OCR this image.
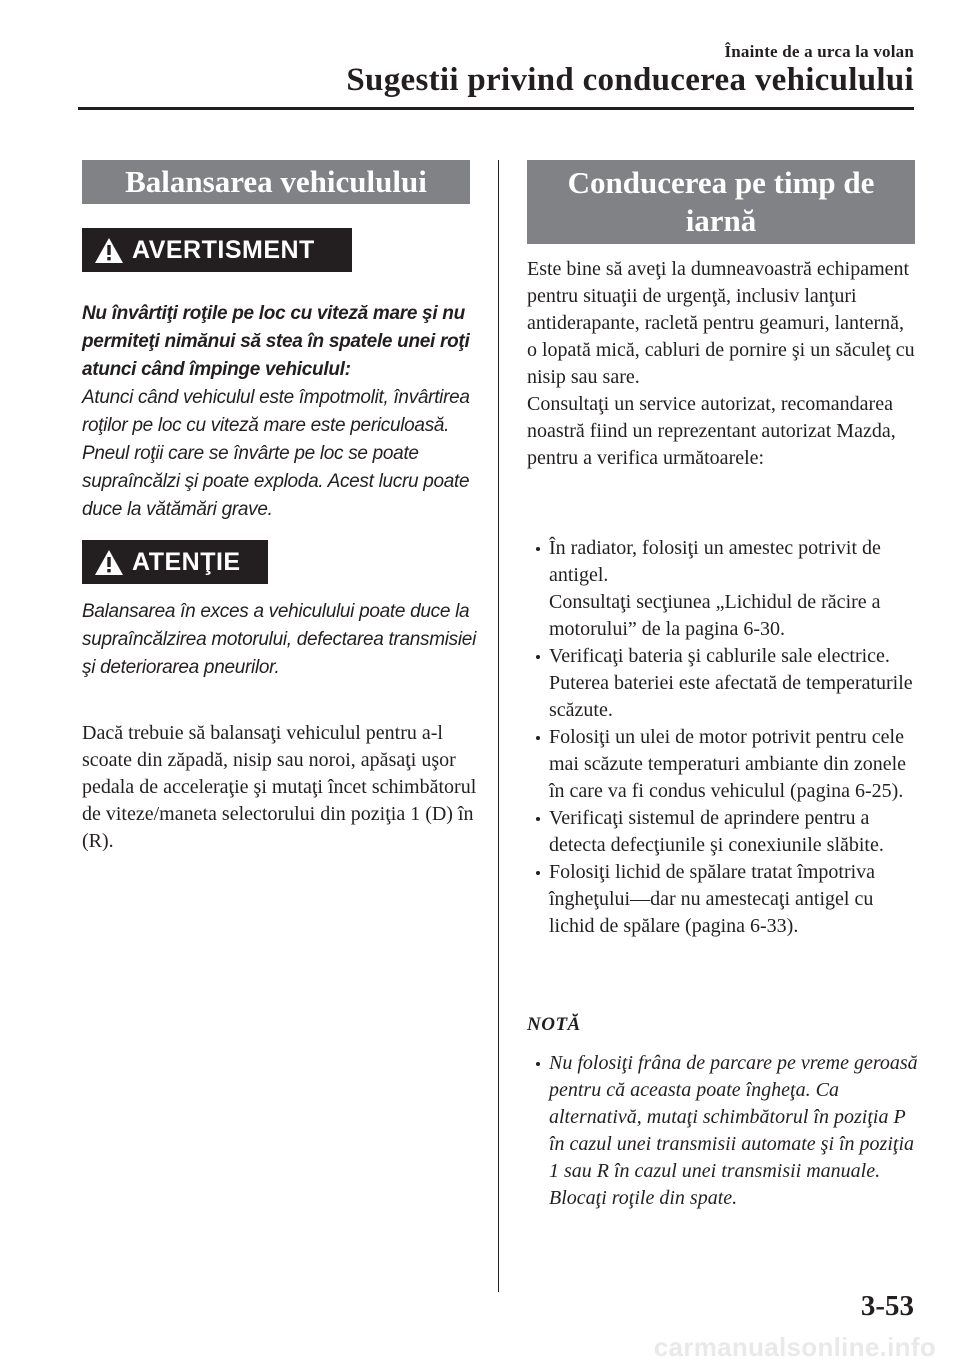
Înainte de a urca la volan
Sugestii privind conducerea vehiculului
Balansarea vehiculului
AVERTISMENT
Nu învârtiţi roţile pe loc cu viteză mare şi nu permiteţi nimănui să stea în spatele unei roţi atunci când împinge vehiculul:
Atunci când vehiculul este împotmolit, învârtirea roţilor pe loc cu viteză mare este periculoasă. Pneul roţii care se învârte pe loc se poate supraîncălzi şi poate exploda. Acest lucru poate duce la vătămări grave.
ATENŢIE
Balansarea în exces a vehiculului poate duce la supraîncălzirea motorului, defectarea transmisiei şi deteriorarea pneurilor.
Dacă trebuie să balansaţi vehiculul pentru a-l scoate din zăpadă, nisip sau noroi, apăsaţi uşor pedala de acceleraţie şi mutaţi încet schimbătorul de viteze/maneta selectorului din poziţia 1 (D) în (R).
Conducerea pe timp de
iarnă
Este bine să aveţi la dumneavoastră echipament pentru situaţii de urgenţă, inclusiv lanţuri antiderapante, racletă pentru geamuri, lanternă, o lopată mică, cabluri de pornire şi un săculeţ cu nisip sau sare.
Consultaţi un service autorizat, recomandarea noastră fiind un reprezentant autorizat Mazda, pentru a verifica următoarele:
În radiator, folosiţi un amestec potrivit de antigel.
Consultaţi secţiunea „Lichidul de răcire a motorului” de la pagina 6-30.
Verificaţi bateria şi cablurile sale electrice. Puterea bateriei este afectată de temperaturile scăzute.
Folosiţi un ulei de motor potrivit pentru cele mai scăzute temperaturi ambiante din zonele în care va fi condus vehiculul (pagina 6-25).
Verificaţi sistemul de aprindere pentru a detecta defecţiunile şi conexiunile slăbite.
Folosiţi lichid de spălare tratat împotriva îngheţului—dar nu amestecaţi antigel cu lichid de spălare (pagina 6-33).
NOTĂ
Nu folosiţi frâna de parcare pe vreme geroasă pentru că aceasta poate îngheţa. Ca alternativă, mutaţi schimbătorul în poziţia P în cazul unei transmisii automate şi în poziţia 1 sau R în cazul unei transmisii manuale.
Blocaţi roţile din spate.
3-53
carmanualsonline.info
